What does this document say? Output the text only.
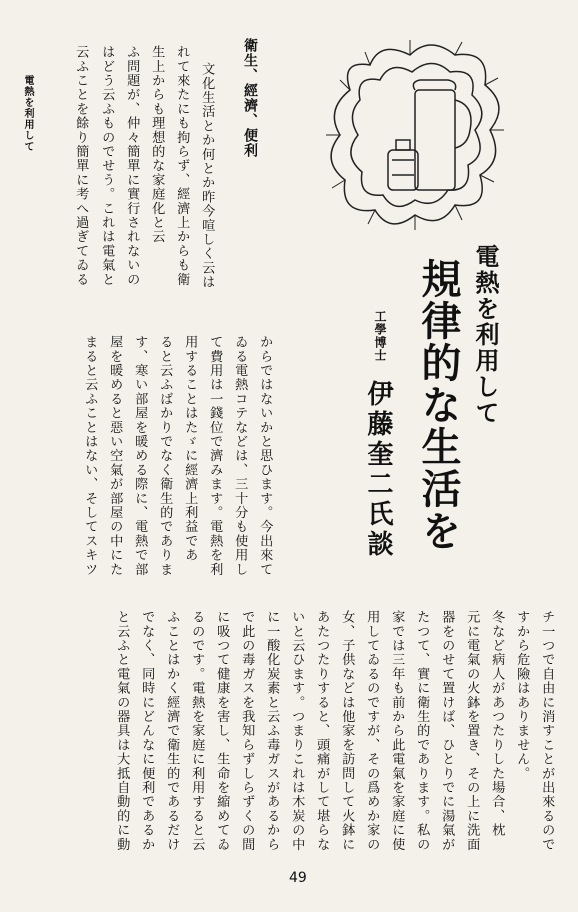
電熱を利用して	衛生、經濟、便利
文化生活とか何とか昨今喧しく云は
れて來たにも拘らず、經濟上からも衛
生上からも理想的な家庭化と云
ふ問題が、仲々簡單に實行されないの
はどう云ふものでせう。これは電氣と
云ふことを餘り簡單に考へ過ぎてゐる
電熱を利用して
規律的な生活を
工學博士
伊藤奎二氏談
からではないかと思ひます。今出來て
ゐる電熱コテなどは、三十分も使用し
て費用は一錢位で濟みます。電熱を利
用することはたゞに經濟上利益であ
ると云ふばかりでなく衛生的でありま
す、寒い部屋を暖める際に、電熱で部
屋を暖めると惡い空氣が部屋の中にた
まると云ふことはない、そしてスキツ
チ一つで自由に消すことが出來るので
すから危險はありません。
冬など病人があつたりした場合、枕
元に電氣の火鉢を置き、その上に洗面
器をのせて置けば、ひとりでに湯氣が
たつて、實に衛生的であります。私の
家では三年も前から此電氣を家庭に使
用してゐるのですが、その爲めか家の
女、子供などは他家を訪問して火鉢に
あたつたりすると、頭痛がして堪らな
いと云ひます。つまりこれは木炭の中
に一酸化炭素と云ふ毒ガスがあるから
で此の毒ガスを我知らずしらずくの間
に吸つて健康を害し、生命を縮めてゐ
るのです。電熱を家庭に利用すると云
ふことはかく經濟で衛生的であるだけ
でなく、同時にどんなに便利であるか
と云ふと電氣の器具は大抵自動的に動
49
